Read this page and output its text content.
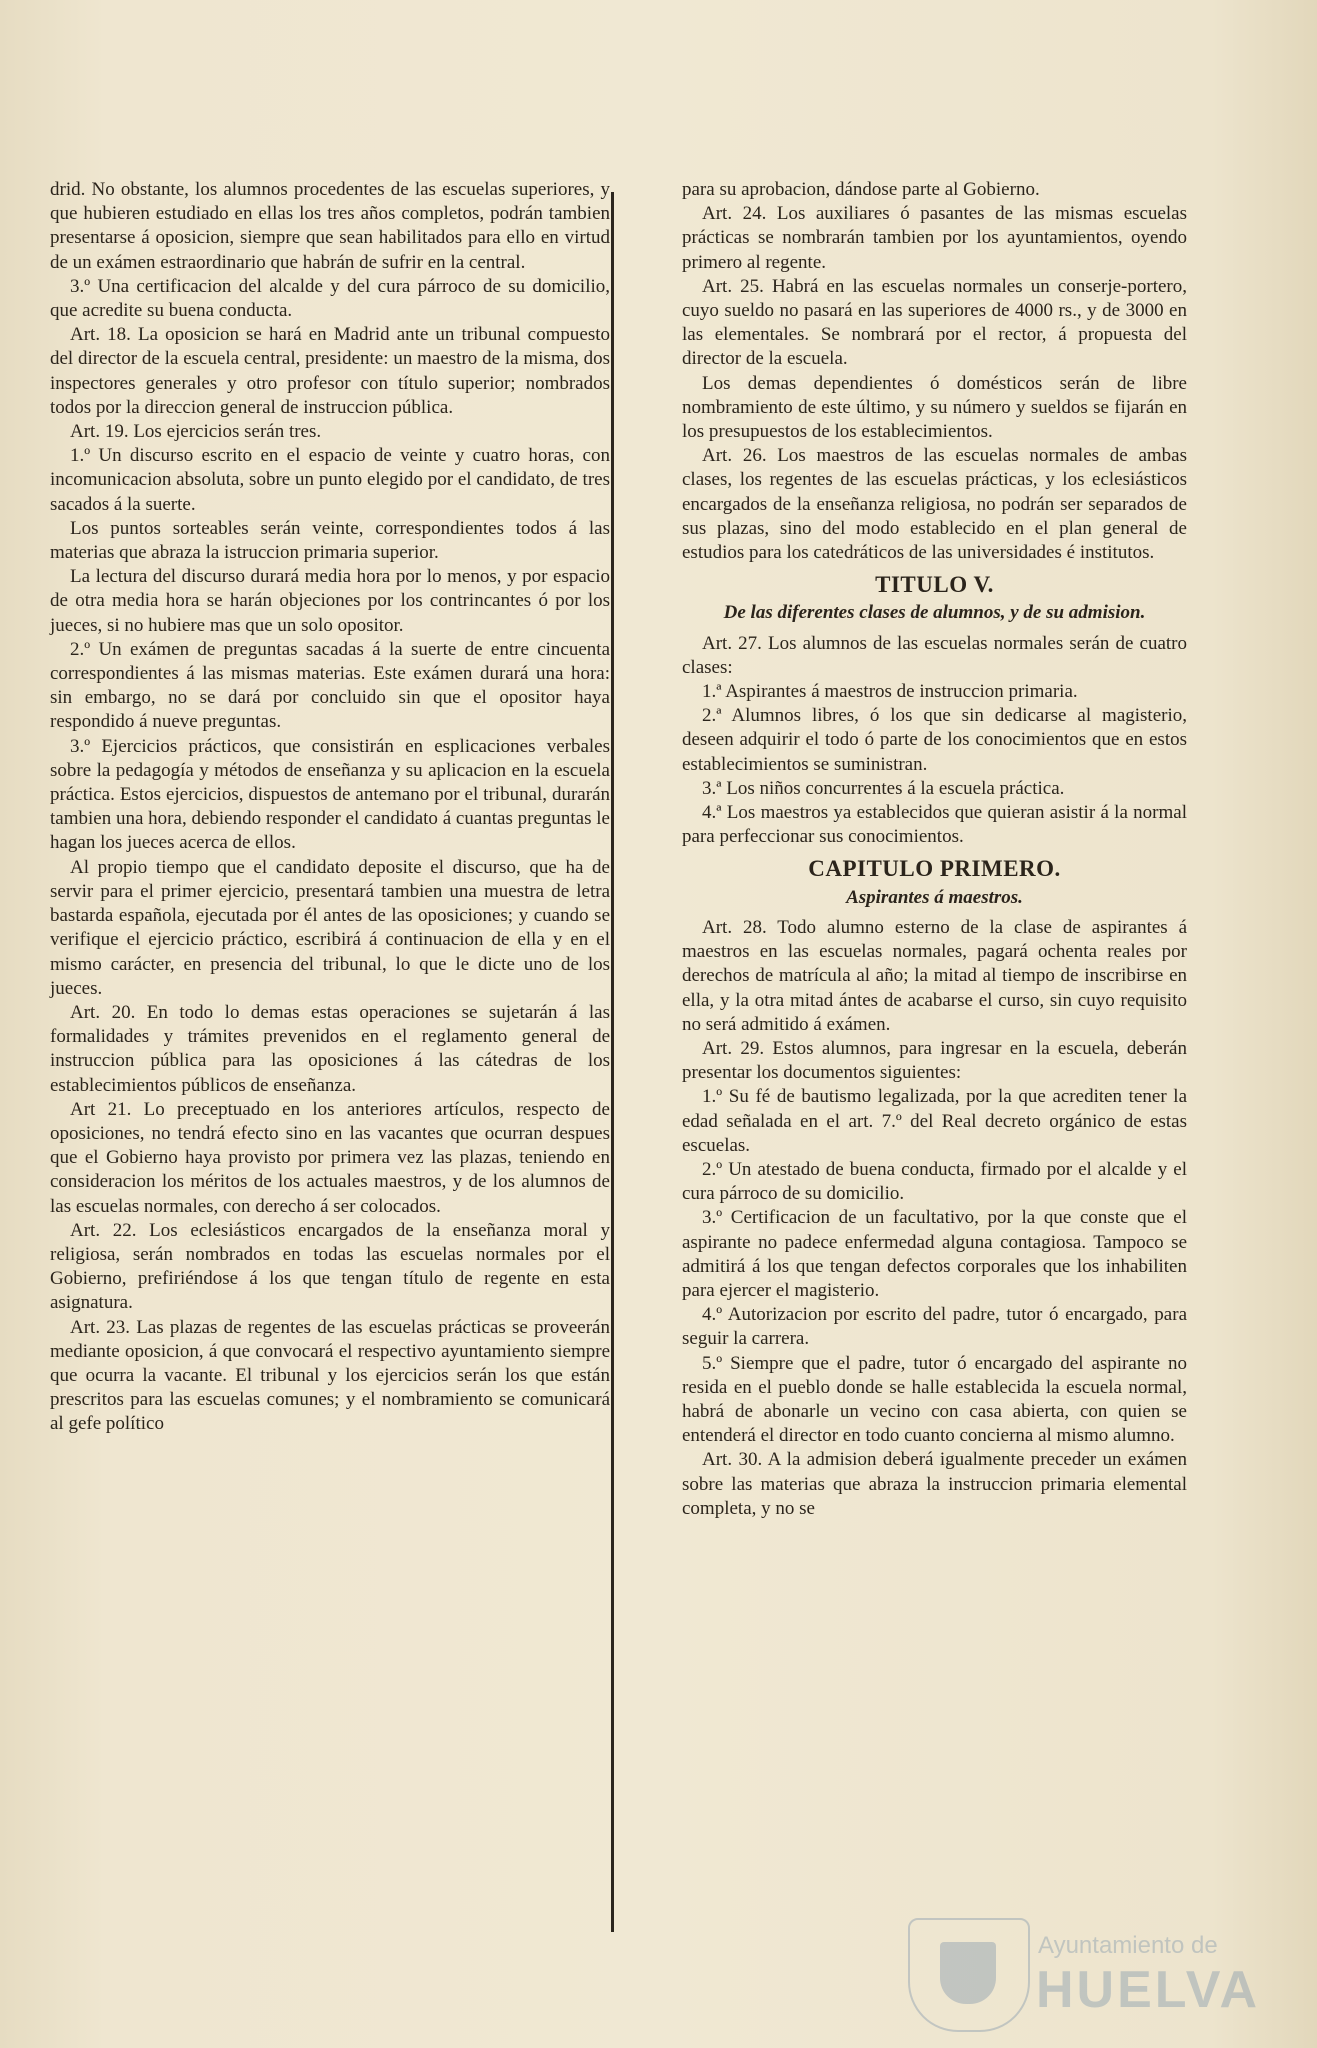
drid. No obstante, los alumnos procedentes de las escuelas superiores, y que hubieren estudiado en ellas los tres años completos, podrán tambien presentarse á oposicion, siempre que sean habilitados para ello en virtud de un exámen estraordinario que habrán de sufrir en la central.

3.º Una certificacion del alcalde y del cura párroco de su domicilio, que acredite su buena conducta.

Art. 18. La oposicion se hará en Madrid ante un tribunal compuesto del director de la escuela central, presidente: un maestro de la misma, dos inspectores generales y otro profesor con título superior; nombrados todos por la direccion general de instruccion pública.

Art. 19. Los ejercicios serán tres.

1.º Un discurso escrito en el espacio de veinte y cuatro horas, con incomunicacion absoluta, sobre un punto elegido por el candidato, de tres sacados á la suerte.

Los puntos sorteables serán veinte, correspondientes todos á las materias que abraza la istruccion primaria superior.

La lectura del discurso durará media hora por lo menos, y por espacio de otra media hora se harán objeciones por los contrincantes ó por los jueces, si no hubiere mas que un solo opositor.

2.º Un exámen de preguntas sacadas á la suerte de entre cincuenta correspondientes á las mismas materias. Este exámen durará una hora: sin embargo, no se dará por concluido sin que el opositor haya respondido á nueve preguntas.

3.º Ejercicios prácticos, que consistirán en esplicaciones verbales sobre la pedagogía y métodos de enseñanza y su aplicacion en la escuela práctica. Estos ejercicios, dispuestos de antemano por el tribunal, durarán tambien una hora, debiendo responder el candidato á cuantas preguntas le hagan los jueces acerca de ellos.

Al propio tiempo que el candidato deposite el discurso, que ha de servir para el primer ejercicio, presentará tambien una muestra de letra bastarda española, ejecutada por él antes de las oposiciones; y cuando se verifique el ejercicio práctico, escribirá á continuacion de ella y en el mismo carácter, en presencia del tribunal, lo que le dicte uno de los jueces.

Art. 20. En todo lo demas estas operaciones se sujetarán á las formalidades y trámites prevenidos en el reglamento general de instruccion pública para las oposiciones á las cátedras de los establecimientos públicos de enseñanza.

Art 21. Lo preceptuado en los anteriores artículos, respecto de oposiciones, no tendrá efecto sino en las vacantes que ocurran despues que el Gobierno haya provisto por primera vez las plazas, teniendo en consideracion los méritos de los actuales maestros, y de los alumnos de las escuelas normales, con derecho á ser colocados.

Art. 22. Los eclesiásticos encargados de la enseñanza moral y religiosa, serán nombrados en todas las escuelas normales por el Gobierno, prefiriéndose á los que tengan título de regente en esta asignatura.

Art. 23. Las plazas de regentes de las escuelas prácticas se proveerán mediante oposicion, á que convocará el respectivo ayuntamiento siempre que ocurra la vacante. El tribunal y los ejercicios serán los que están prescritos para las escuelas comunes; y el nombramiento se comunicará al gefe político

para su aprobacion, dándose parte al Gobierno.

Art. 24. Los auxiliares ó pasantes de las mismas escuelas prácticas se nombrarán tambien por los ayuntamientos, oyendo primero al regente.

Art. 25. Habrá en las escuelas normales un conserje-portero, cuyo sueldo no pasará en las superiores de 4000 rs., y de 3000 en las elementales. Se nombrará por el rector, á propuesta del director de la escuela.

Los demas dependientes ó domésticos serán de libre nombramiento de este último, y su número y sueldos se fijarán en los presupuestos de los establecimientos.

Art. 26. Los maestros de las escuelas normales de ambas clases, los regentes de las escuelas prácticas, y los eclesiásticos encargados de la enseñanza religiosa, no podrán ser separados de sus plazas, sino del modo establecido en el plan general de estudios para los catedráticos de las universidades é institutos.

TITULO V.
De las diferentes clases de alumnos, y de su admision.

Art. 27. Los alumnos de las escuelas normales serán de cuatro clases:

1.ª Aspirantes á maestros de instruccion primaria.

2.ª Alumnos libres, ó los que sin dedicarse al magisterio, deseen adquirir el todo ó parte de los conocimientos que en estos establecimientos se suministran.

3.ª Los niños concurrentes á la escuela práctica.

4.ª Los maestros ya establecidos que quieran asistir á la normal para perfeccionar sus conocimientos.

CAPITULO PRIMERO.
Aspirantes á maestros.

Art. 28. Todo alumno esterno de la clase de aspirantes á maestros en las escuelas normales, pagará ochenta reales por derechos de matrícula al año; la mitad al tiempo de inscribirse en ella, y la otra mitad ántes de acabarse el curso, sin cuyo requisito no será admitido á exámen.

Art. 29. Estos alumnos, para ingresar en la escuela, deberán presentar los documentos siguientes:

1.º Su fé de bautismo legalizada, por la que acrediten tener la edad señalada en el art. 7.º del Real decreto orgánico de estas escuelas.

2.º Un atestado de buena conducta, firmado por el alcalde y el cura párroco de su domicilio.

3.º Certificacion de un facultativo, por la que conste que el aspirante no padece enfermedad alguna contagiosa. Tampoco se admitirá á los que tengan defectos corporales que los inhabiliten para ejercer el magisterio.

4.º Autorizacion por escrito del padre, tutor ó encargado, para seguir la carrera.

5.º Siempre que el padre, tutor ó encargado del aspirante no resida en el pueblo donde se halle establecida la escuela normal, habrá de abonarle un vecino con casa abierta, con quien se entenderá el director en todo cuanto concierna al mismo alumno.

Art. 30. A la admision deberá igualmente preceder un exámen sobre las materias que abraza la instruccion primaria elemental completa, y no se

Ayuntamiento de
HUELVA
